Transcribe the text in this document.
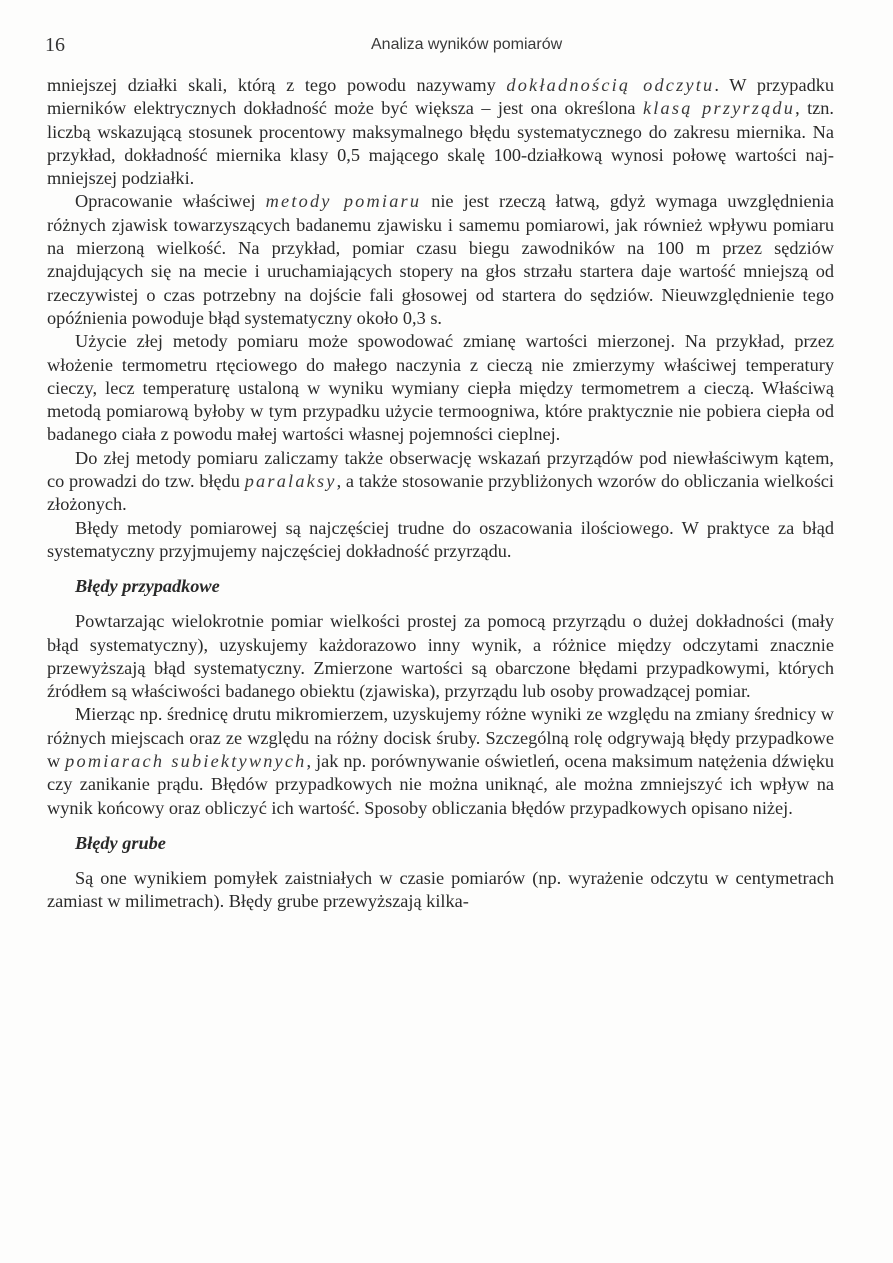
16	Analiza wyników pomiarów

mniejszej działki skali, którą z tego powodu nazywamy dokładnością odczytu. W przypadku mierników elektrycznych dokładność może być większa – jest ona określona klasą przyrządu, tzn. liczbą wskazującą stosunek procentowy maksymalnego błędu systematycznego do zakresu miernika. Na przykład, dokładność miernika klasy 0,5 mającego skalę 100-działkową wynosi połowę wartości najmniejszej podziałki.

Opracowanie właściwej metody pomiaru nie jest rzeczą łatwą, gdyż wymaga uwzględnienia różnych zjawisk towarzyszących badanemu zjawisku i samemu pomiarowi, jak również wpływu pomiaru na mierzoną wielkość. Na przykład, pomiar czasu biegu zawodników na 100 m przez sędziów znajdujących się na mecie i uruchamiających stopery na głos strzału startera daje wartość mniejszą od rzeczywistej o czas potrzebny na dojście fali głosowej od startera do sędziów. Nieuwzględnienie tego opóźnienia powoduje błąd systematyczny około 0,3 s.

Użycie złej metody pomiaru może spowodować zmianę wartości mierzonej. Na przykład, przez włożenie termometru rtęciowego do małego naczynia z cieczą nie zmierzymy właściwej temperatury cieczy, lecz temperaturę ustaloną w wyniku wymiany ciepła między termometrem a cieczą. Właściwą metodą pomiarową byłoby w tym przypadku użycie termoogniwa, które praktycznie nie pobiera ciepła od badanego ciała z powodu małej wartości własnej pojemności cieplnej.

Do złej metody pomiaru zaliczamy także obserwację wskazań przyrządów pod niewłaściwym kątem, co prowadzi do tzw. błędu paralaksy, a także stosowanie przybliżonych wzorów do obliczania wielkości złożonych.

Błędy metody pomiarowej są najczęściej trudne do oszacowania ilościowego. W praktyce za błąd systematyczny przyjmujemy najczęściej dokładność przyrządu.

Błędy przypadkowe

Powtarzając wielokrotnie pomiar wielkości prostej za pomocą przyrządu o dużej dokładności (mały błąd systematyczny), uzyskujemy każdorazowo inny wynik, a różnice między odczytami znacznie przewyższają błąd systematyczny. Zmierzone wartości są obarczone błędami przypadkowymi, których źródłem są właściwości badanego obiektu (zjawiska), przyrządu lub osoby prowadzącej pomiar.

Mierząc np. średnicę drutu mikromierzem, uzyskujemy różne wyniki ze względu na zmiany średnicy w różnych miejscach oraz ze względu na różny docisk śruby. Szczególną rolę odgrywają błędy przypadkowe w pomiarach subiektywnych, jak np. porównywanie oświetleń, ocena maksimum natężenia dźwięku czy zanikanie prądu. Błędów przypadkowych nie można uniknąć, ale można zmniejszyć ich wpływ na wynik końcowy oraz obliczyć ich wartość. Sposoby obliczania błędów przypadkowych opisano niżej.

Błędy grube

Są one wynikiem pomyłek zaistniałych w czasie pomiarów (np. wyrażenie odczytu w centymetrach zamiast w milimetrach). Błędy grube przewyższają kilka-
